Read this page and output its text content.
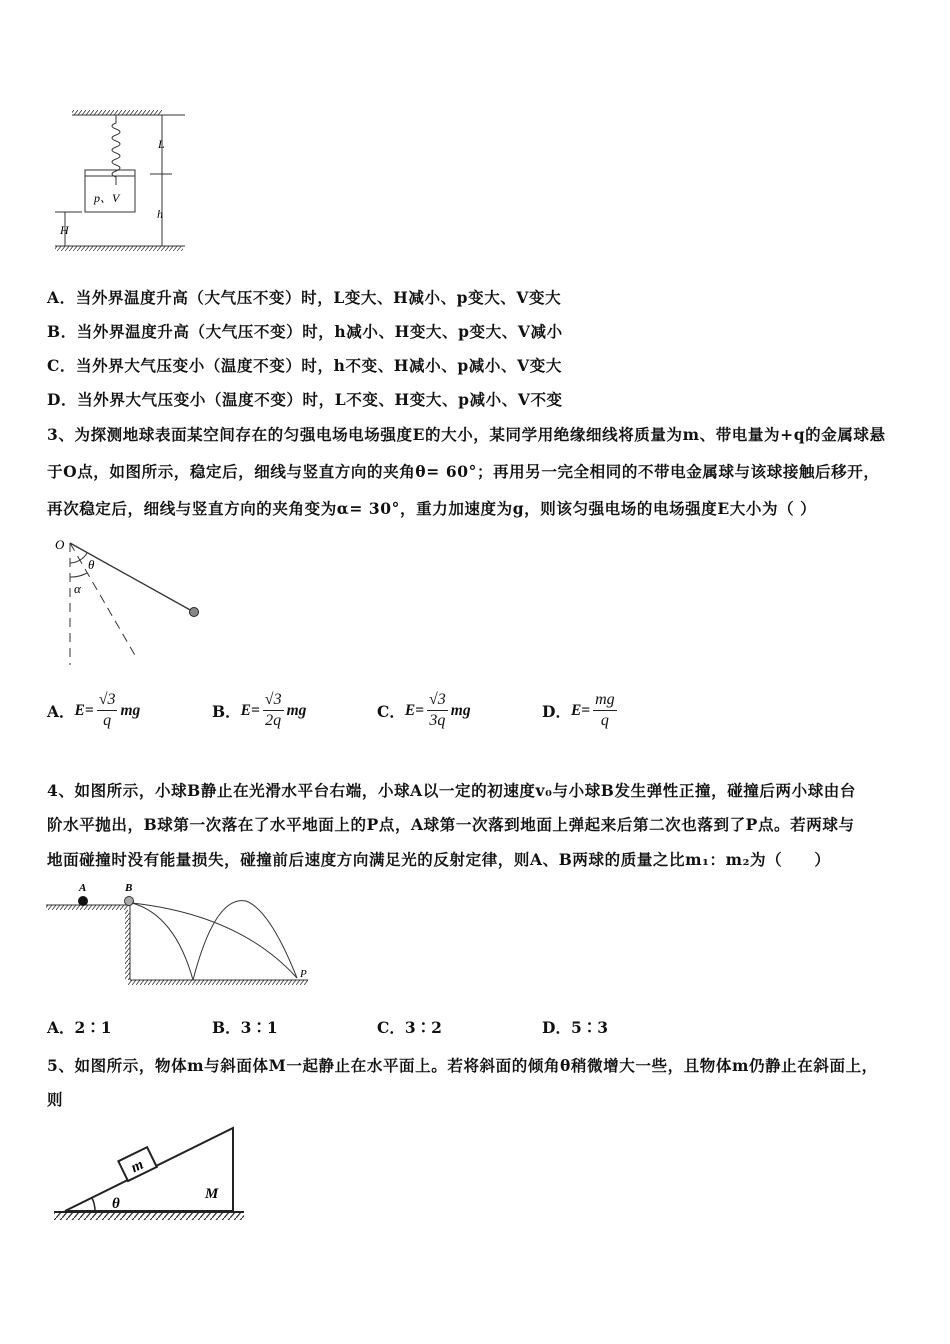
p、V
L
h
H
A．当外界温度升高（大气压不变）时，L变大、H减小、p变大、V变大
B．当外界温度升高（大气压不变）时，h减小、H变大、p变大、V减小
C．当外界大气压变小（温度不变）时，h不变、H减小、p减小、V变大
D．当外界大气压变小（温度不变）时，L不变、H变大、p减小、V不变
3、为探测地球表面某空间存在的匀强电场电场强度E的大小，某同学用绝缘细线将质量为m、带电量为+q的金属球悬
于O点，如图所示，稳定后，细线与竖直方向的夹角θ= 60°；再用另一完全相同的不带电金属球与该球接触后移开，
再次稳定后，细线与竖直方向的夹角变为α= 30°，重力加速度为g，则该匀强电场的电场强度E大小为（ ）
O
θ
α
A． $E= \frac{√3}{q}$ mg	B． $E= \frac{√3}{2q}$ mg	C． $E= \frac{√3}{3q}$ mg	D． $E= \frac{mg}{q}$
4、如图所示，小球B静止在光滑水平台右端，小球A以一定的初速度v₀与小球B发生弹性正撞，碰撞后两小球由台
阶水平抛出，B球第一次落在了水平地面上的P点，A球第一次落到地面上弹起来后第二次也落到了P点。若两球与
地面碰撞时没有能量损失，碰撞前后速度方向满足光的反射定律，则A、B两球的质量之比m₁：m₂为（　　）
A	B
P
A．2∶1	B．3∶1	C．3∶2	D．5∶3
5、如图所示，物体m与斜面体M一起静止在水平面上。若将斜面的倾角θ稍微增大一些，且物体m仍静止在斜面上，
则
m
θ
M
